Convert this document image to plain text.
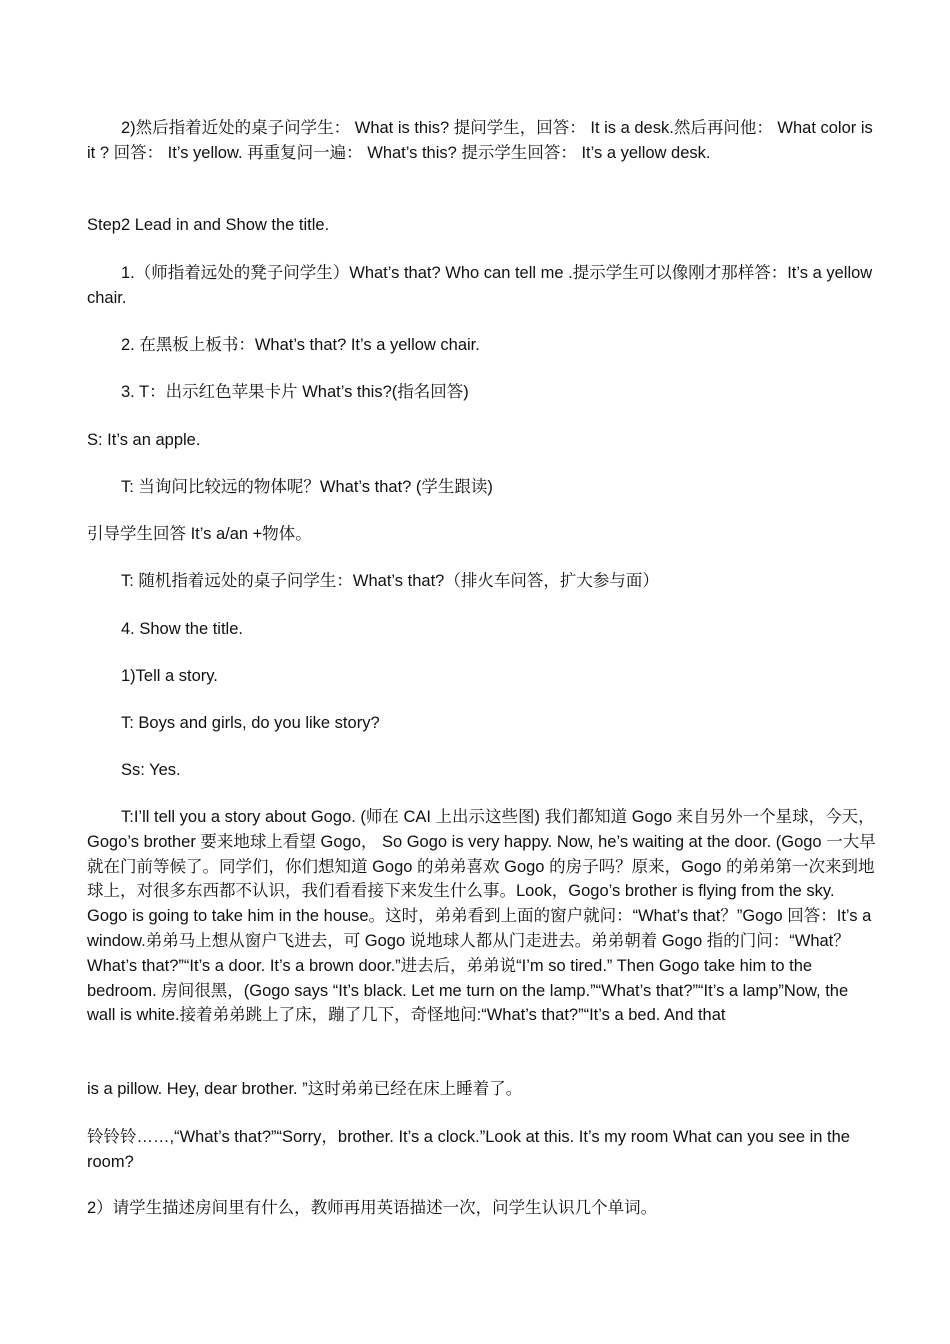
2)然后指着近处的桌子问学生： What is this? 提问学生，回答： It is a desk.然后再问他： What color is it ? 回答： It’s yellow. 再重复问一遍： What’s this? 提示学生回答： It’s a yellow desk.

Step2 Lead in and Show the title.

1.（师指着远处的凳子问学生）What’s that? Who can tell me .提示学生可以像刚才那样答：It’s a yellow chair.

2. 在黑板上板书：What’s that? It’s a yellow chair.

3. T：出示红色苹果卡片 What’s this?(指名回答)

S: It’s an apple.

T: 当询问比较远的物体呢？What’s that? (学生跟读)

引导学生回答 It’s a/an +物体。

T: 随机指着远处的桌子问学生：What’s that?（排火车问答，扩大参与面）

4. Show the title.

1)Tell a story.

T: Boys and girls, do you like story?

Ss: Yes.

T:I’ll tell you a story about Gogo. (师在 CAI 上出示这些图) 我们都知道 Gogo 来自另外一个星球，今天，Gogo’s brother 要来地球上看望 Gogo， So Gogo is very happy. Now, he’s waiting at the door. (Gogo 一大早就在门前等候了。同学们，你们想知道 Gogo 的弟弟喜欢 Gogo 的房子吗？原来，Gogo 的弟弟第一次来到地球上，对很多东西都不认识，我们看看接下来发生什么事。Look，Gogo’s brother is flying from the sky. Gogo is going to take him in the house。这时，弟弟看到上面的窗户就问：“What’s that？”Gogo 回答：It’s a window.弟弟马上想从窗户飞进去，可 Gogo 说地球人都从门走进去。弟弟朝着 Gogo 指的门问：“What？ What’s that?”“It’s a door. It’s a brown door.”进去后，弟弟说“I’m so tired.” Then Gogo take him to the bedroom. 房间很黑，(Gogo says “It’s black. Let me turn on the lamp.”“What’s that?”“It’s a lamp”Now, the wall is white.接着弟弟跳上了床，蹦了几下，奇怪地问:“What’s that?”“It’s a bed. And that

is a pillow. Hey, dear brother. ”这时弟弟已经在床上睡着了。

铃铃铃……,“What’s that?”“Sorry，brother. It’s a clock.”Look at this. It’s my room What can you see in the room?

2）请学生描述房间里有什么，教师再用英语描述一次，问学生认识几个单词。
